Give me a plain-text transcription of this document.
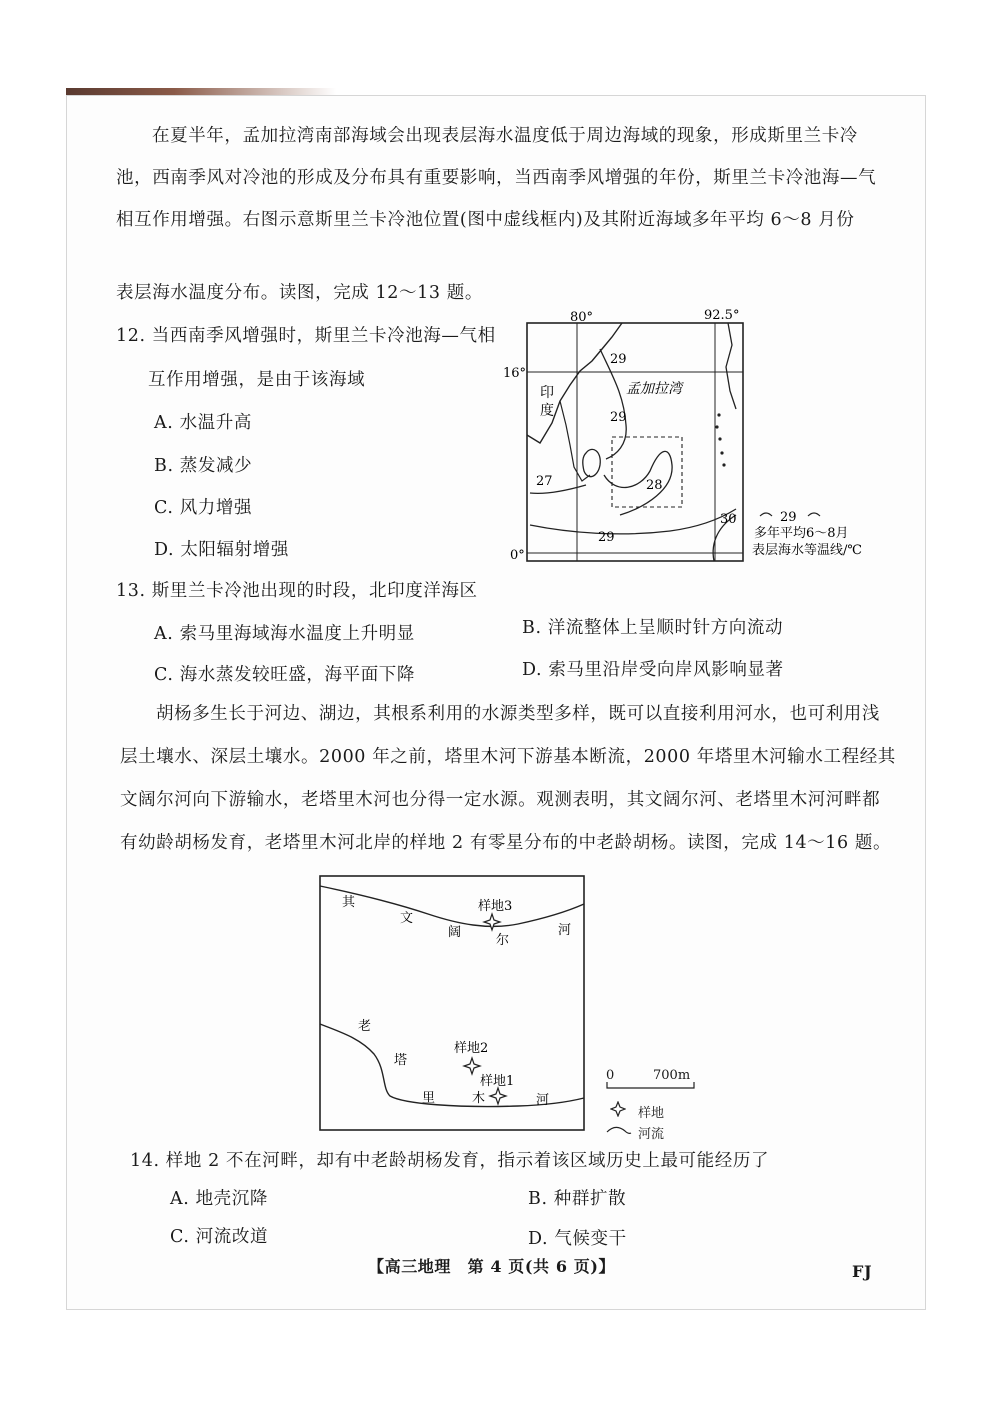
在夏半年，孟加拉湾南部海域会出现表层海水温度低于周边海域的现象，形成斯里兰卡冷
池，西南季风对冷池的形成及分布具有重要影响，当西南季风增强的年份，斯里兰卡冷池海—气
相互作用增强。右图示意斯里兰卡冷池位置(图中虚线框内)及其附近海域多年平均 6～8 月份
表层海水温度分布。读图，完成 12～13 题。
12. 当西南季风增强时，斯里兰卡冷池海—气相
互作用增强，是由于该海域
A. 水温升高
B. 蒸发减少
C. 风力增强
D. 太阳辐射增强
80°	92.5°
16°
0°
印
度
孟加拉湾
29
29
27	28
29
30	29
多年平均6～8月
表层海水等温线/℃
13. 斯里兰卡冷池出现的时段，北印度洋海区
A. 索马里海域海水温度上升明显	B. 洋流整体上呈顺时针方向流动
C. 海水蒸发较旺盛，海平面下降	D. 索马里沿岸受向岸风影响显著
胡杨多生长于河边、湖边，其根系利用的水源类型多样，既可以直接利用河水，也可利用浅
层土壤水、深层土壤水。2000 年之前，塔里木河下游基本断流，2000 年塔里木河输水工程经其
文阔尔河向下游输水，老塔里木河也分得一定水源。观测表明，其文阔尔河、老塔里木河河畔都
有幼龄胡杨发育，老塔里木河北岸的样地 2 有零星分布的中老龄胡杨。读图，完成 14～16 题。
其
文
阔
尔
河
老
塔
里	木	河
样地3
样地2
样地1	0	700m
样地
河流
14. 样地 2 不在河畔，却有中老龄胡杨发育，指示着该区域历史上最可能经历了
A. 地壳沉降	B. 种群扩散
C. 河流改道	D. 气候变干
【高三地理　第 4 页(共 6 页)】	FJ
